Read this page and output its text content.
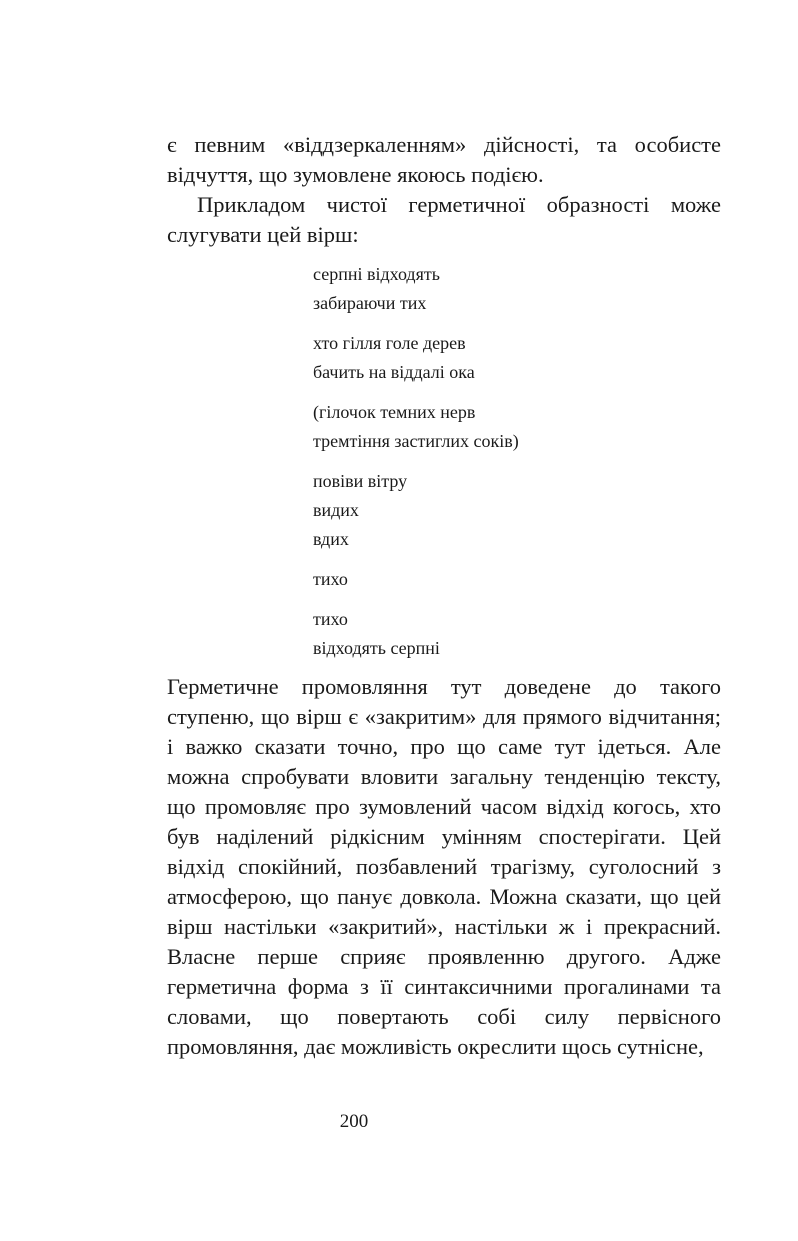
є певним «віддзеркаленням» дійсності, та особисте відчуття, що зумовлене якоюсь подією.

Прикладом чистої герметичної образності може слугувати цей вірш:

серпні відходять
забираючи тих
хто гілля голе дерев
бачить на віддалі ока
(гілочок темних нерв
тремтіння застиглих соків)
повіви вітру
видих
вдих
тихо
тихо
відходять серпні

Герметичне промовляння тут доведене до такого ступеню, що вірш є «закритим» для прямого відчитання; і важко сказати точно, про що саме тут ідеться. Але можна спробувати вловити загальну тенденцію тексту, що промовляє про зумовлений часом відхід когось, хто був наділений рідкісним умінням спостерігати. Цей відхід спокійний, позбавлений трагізму, суголосний з атмосферою, що панує довкола. Можна сказати, що цей вірш настільки «закритий», настільки ж і прекрасний. Власне перше сприяє проявленню другого. Адже герметична форма з її синтаксичними прогалинами та словами, що повертають собі силу первісного промовляння, дає можливість окреслити щось сутнісне,

200
